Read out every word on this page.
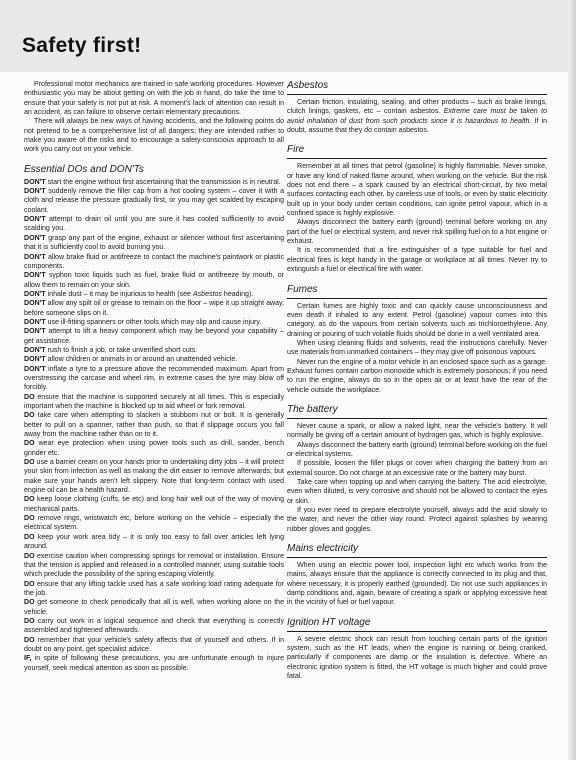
Safety first!

Professional motor mechanics are trained in safe working procedures. However enthusiastic you may be about getting on with the job in hand, do take the time to ensure that your safety is not put at risk. A moment's lack of attention can result in an accident, as can failure to observe certain elementary precautions.

There will always be new ways of having accidents, and the following points do not pretend to be a comprehensive list of all dangers; they are intended rather to make you aware of the risks and to encourage a safety-conscious approach to all work you carry out on your vehicle.

Essential DOs and DON'Ts

DON'T start the engine without first ascertaining that the transmission is in neutral.

DON'T suddenly remove the filler cap from a hot cooling system – cover it with a cloth and release the pressure gradually first, or you may get scalded by escaping coolant.

DON'T attempt to drain oil until you are sure it has cooled sufficiently to avoid scalding you.

DON'T grasp any part of the engine, exhaust or silencer without first ascertaining that it is sufficiently cool to avoid burning you.

DON'T allow brake fluid or antifreeze to contact the machine's paintwork or plastic components.

DON'T syphon toxic liquids such as fuel, brake fluid or antifreeze by mouth, or allow them to remain on your skin.

DON'T inhale dust – it may be injurious to health (see Asbestos heading).

DON'T allow any spilt oil or grease to remain on the floor – wipe it up straight away, before someone slips on it.

DON'T use ill-fitting spanners or other tools which may slip and cause injury.

DON'T attempt to lift a heavy component which may be beyond your capability – get assistance.

DON'T rush to finish a job, or take unverified short cuts.

DON'T allow children or animals in or around an unattended vehicle.

DON'T inflate a tyre to a pressure above the recommended maximum. Apart from overstressing the carcase and wheel rim, in extreme cases the tyre may blow off forcibly.

DO ensure that the machine is supported securely at all times. This is especially important when the machine is blocked up to aid wheel or fork removal.

DO take care when attempting to slacken a stubborn nut or bolt. It is generally better to pull on a spanner, rather than push, so that if slippage occurs you fall away from the machine rather than on to it.

DO wear eye protection when using power tools such as drill, sander, bench grinder etc.

DO use a barrier cream on your hands prior to undertaking dirty jobs – it will protect your skin from infection as well as making the dirt easier to remove afterwards; but make sure your hands aren't left slippery. Note that long-term contact with used engine oil can be a health hazard.

DO keep loose clothing (cuffs, tie etc) and long hair well out of the way of moving mechanical parts.

DO remove rings, wristwatch etc, before working on the vehicle – especially the electrical system.

DO keep your work area tidy – it is only too easy to fall over articles left lying around.

DO exercise caution when compressing springs for removal or installation. Ensure that the tension is applied and released in a controlled manner, using suitable tools which preclude the possibility of the spring escaping violently.

DO ensure that any lifting tackle used has a safe working load rating adequate for the job.

DO get someone to check periodically that all is well, when working alone on the vehicle.

DO carry out work in a logical sequence and check that everything is correctly assembled and tightened afterwards.

DO remember that your vehicle's safety affects that of yourself and others. If in doubt on any point, get specialist advice.

IF, in spite of following these precautions, you are unfortunate enough to injure yourself, seek medical attention as soon as possible.

Asbestos

Certain friction, insulating, sealing, and other products – such as brake linings, clutch linings, gaskets, etc – contain asbestos. Extreme care must be taken to avoid inhalation of dust from such products since it is hazardous to health. If in doubt, assume that they do contain asbestos.

Fire

Remember at all times that petrol (gasoline) is highly flammable. Never smoke, or have any kind of naked flame around, when working on the vehicle. But the risk does not end there – a spark caused by an electrical short-circuit, by two metal surfaces contacting each other, by careless use of tools, or even by static electricity built up in your body under certain conditions, can ignite petrol vapour, which in a confined space is highly explosive.

Always disconnect the battery earth (ground) terminal before working on any part of the fuel or electrical system, and never risk spilling fuel on to a hot engine or exhaust.

It is recommended that a fire extinguisher of a type suitable for fuel and electrical fires is kept handy in the garage or workplace at all times. Never try to extinguish a fuel or electrical fire with water.

Fumes

Certain fumes are highly toxic and can quickly cause unconsciousness and even death if inhaled to any extent. Petrol (gasoline) vapour comes into this category, as do the vapours from certain solvents such as trichloroethylene. Any draining or pouring of such volatile fluids should be done in a well ventilated area.

When using cleaning fluids and solvents, read the instructions carefully. Never use materials from unmarked containers – they may give off poisonous vapours.

Never run the engine of a motor vehicle in an enclosed space such as a garage. Exhaust fumes contain carbon monoxide which is extremely poisonous; if you need to run the engine, always do so in the open air or at least have the rear of the vehicle outside the workplace.

The battery

Never cause a spark, or allow a naked light, near the vehicle's battery. It will normally be giving off a certain amount of hydrogen gas, which is highly explosive.

Always disconnect the battery earth (ground) terminal before working on the fuel or electrical systems.

If possible, loosen the filler plugs or cover when charging the battery from an external source. Do not charge at an excessive rate or the battery may burst.

Take care when topping up and when carrying the battery. The acid electrolyte, even when diluted, is very corrosive and should not be allowed to contact the eyes or skin.

If you ever need to prepare electrolyte yourself, always add the acid slowly to the water, and never the other way round. Protect against splashes by wearing rubber gloves and goggles.

Mains electricity

When using an electric power tool, inspection light etc which works from the mains, always ensure that the appliance is correctly connected to its plug and that, where necessary, it is properly earthed (grounded). Do not use such appliances in damp conditions and, again, beware of creating a spark or applying excessive heat in the vicinity of fuel or fuel vapour.

Ignition HT voltage

A severe electric shock can result from touching certain parts of the ignition system, such as the HT leads, when the engine is running or being cranked, particularly if components are damp or the insulation is defective. Where an electronic ignition system is fitted, the HT voltage is much higher and could prove fatal.
